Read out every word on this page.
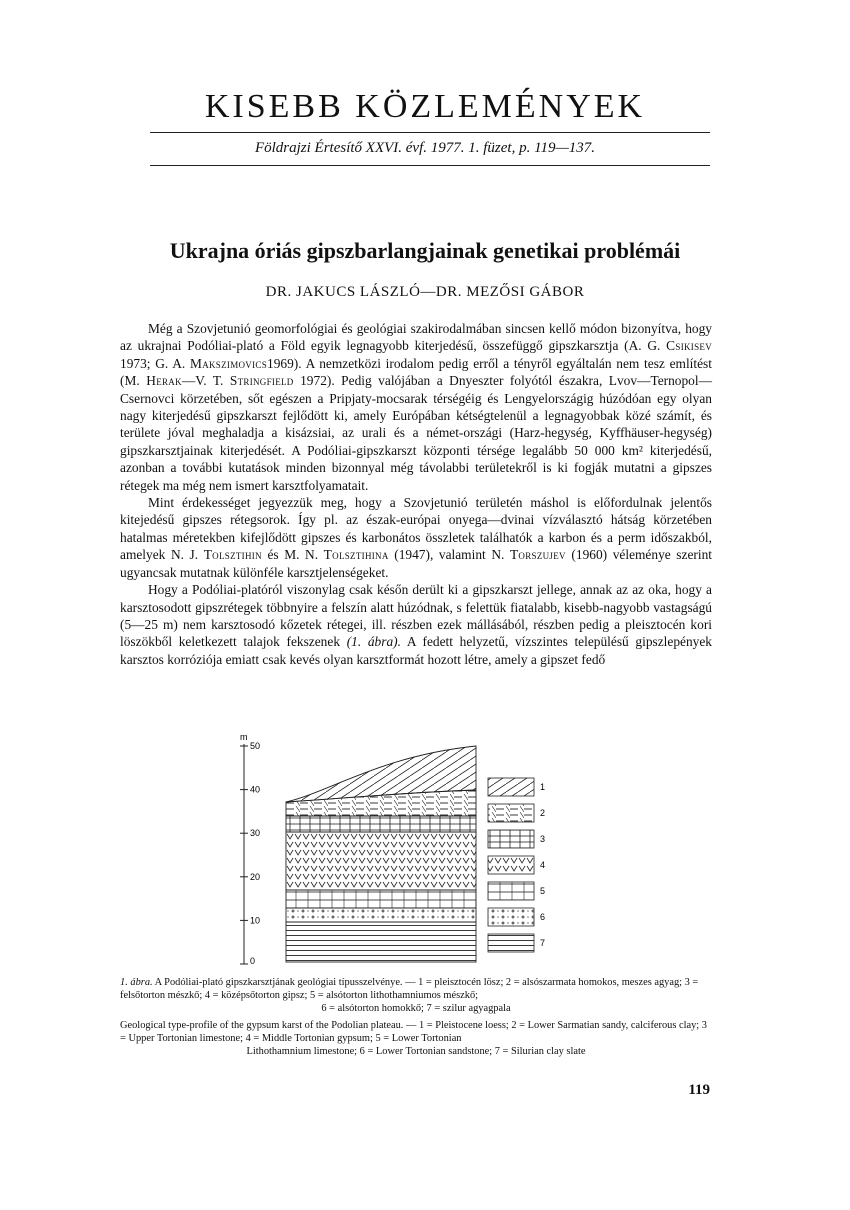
KISEBB KÖZLEMÉNYEK
Földrajzi Értesítő XXVI. évf. 1977. 1. füzet, p. 119—137.
Ukrajna óriás gipszbarlangjainak genetikai problémái
DR. JAKUCS LÁSZLÓ—DR. MEZŐSI GÁBOR

Még a Szovjetunió geomorfológiai és geológiai szakirodalmában sincsen kellő módon bizonyítva, hogy az ukrajnai Podóliai-plató a Föld egyik legnagyobb kiterjedésű, összefüggő gipszkarsztja (A. G. Csikisev 1973; G. A. Makszimovics1969). A nemzetközi irodalom pedig erről a tényről egyáltalán nem tesz említést (M. Herak—V. T. Stringfield 1972). Pedig valójában a Dnyeszter folyótól északra, Lvov—Ternopol—Csernovci körzetében, sőt egészen a Pripjaty-mocsarak térségéig és Lengyelországig húzódóan egy olyan nagy kiterjedésű gipszkarszt fejlődött ki, amely Európában kétségtelenül a legnagyobbak közé számít, és területe jóval meghaladja a kisázsiai, az urali és a német-országi (Harz-hegység, Kyffhäuser-hegység) gipszkarsztjainak kiterjedését. A Podóliai-gipszkarszt központi térsége legalább 50 000 km² kiterjedésű, azonban a további kutatások minden bizonnyal még távolabbi területekről is ki fogják mutatni a gipszes rétegek ma még nem ismert karsztfolyamatait.

Mint érdekességet jegyezzük meg, hogy a Szovjetunió területén máshol is előfordulnak jelentős kitejedésű gipszes rétegsorok. Így pl. az észak-európai onyega—dvinai vízválasztó hátság körzetében hatalmas méretekben kifejlődött gipszes és karbonátos összletek találhatók a karbon és a perm időszakból, amelyek N. J. Tolsztihin és M. N. Tolsztihina (1947), valamint N. Torszujev (1960) véleménye szerint ugyancsak mutatnak különféle karsztjelenségeket.

Hogy a Podóliai-platóról viszonylag csak későn derült ki a gipszkarszt jellege, annak az az oka, hogy a karsztosodott gipszrétegek többnyire a felszín alatt húzódnak, s felettük fiatalabb, kisebb-nagyobb vastagságú (5—25 m) nem karsztosodó kőzetek rétegei, ill. részben ezek mállásából, részben pedig a pleisztocén kori löszökből keletkezett talajok fekszenek (1. ábra). A fedett helyzetű, vízszintes településű gipszlepények karsztos korróziója emiatt csak kevés olyan karsztformát hozott létre, amely a gipszet fedő

m
0
10
20
30
40
50
1
2
3
4
5
6
7
1. ábra. A Podóliai-plató gipszkarsztjának geológiai típusszelvénye. — 1 = pleisztocén lösz; 2 = alsószarmata homokos, meszes agyag; 3 = felsőtorton mészkő; 4 = középsőtorton gipsz; 5 = alsótorton lithothamniumos mészkő;
6 = alsótorton homokkő; 7 = szilur agyagpala
Geological type-profile of the gypsum karst of the Podolian plateau. — 1 = Pleistocene loess; 2 = Lower Sarmatian sandy, calciferous clay; 3 = Upper Tortonian limestone; 4 = Middle Tortonian gypsum; 5 = Lower Tortonian
Lithothamnium limestone; 6 = Lower Tortonian sandstone; 7 = Silurian clay slate
119
